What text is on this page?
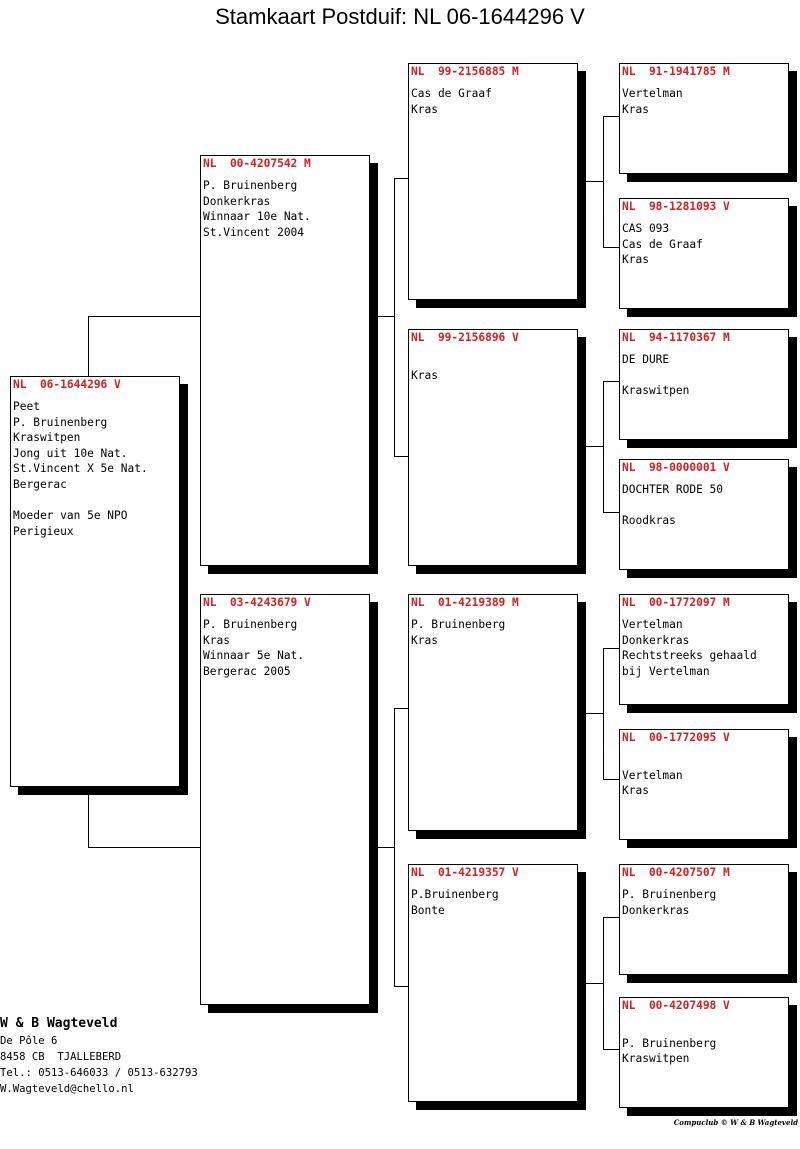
Stamkaart Postduif: NL 06-1644296 V
NL  06-1644296 V
Peet
P. Bruinenberg
Kraswitpen
Jong uit 10e Nat.
St.Vincent X 5e Nat.
Bergerac

Moeder van 5e NPO
Perigieux
NL  00-4207542 M
P. Bruinenberg
Donkerkras
Winnaar 10e Nat.
St.Vincent 2004
NL  03-4243679 V
P. Bruinenberg
Kras
Winnaar 5e Nat.
Bergerac 2005
NL  99-2156885 M
Cas de Graaf
Kras
NL  99-2156896 V

Kras
NL  01-4219389 M
P. Bruinenberg
Kras
NL  01-4219357 V
P.Bruinenberg
Bonte
NL  91-1941785 M
Vertelman
Kras
NL  98-1281093 V
CAS 093
Cas de Graaf
Kras
NL  94-1170367 M
DE DURE

Kraswitpen
NL  98-0000001 V
DOCHTER RODE 50

Roodkras
NL  00-1772097 M
Vertelman
Donkerkras
Rechtstreeks gehaald
bij Vertelman
NL  00-1772095 V

Vertelman
Kras
NL  00-4207507 M
P. Bruinenberg
Donkerkras
NL  00-4207498 V

P. Bruinenberg
Kraswitpen
W & B Wagteveld
De Pôle 6
8458 CB  TJALLEBERD
Tel.: 0513-646033 / 0513-632793
W.Wagteveld@chello.nl
Compuclub © W & B Wagteveld
